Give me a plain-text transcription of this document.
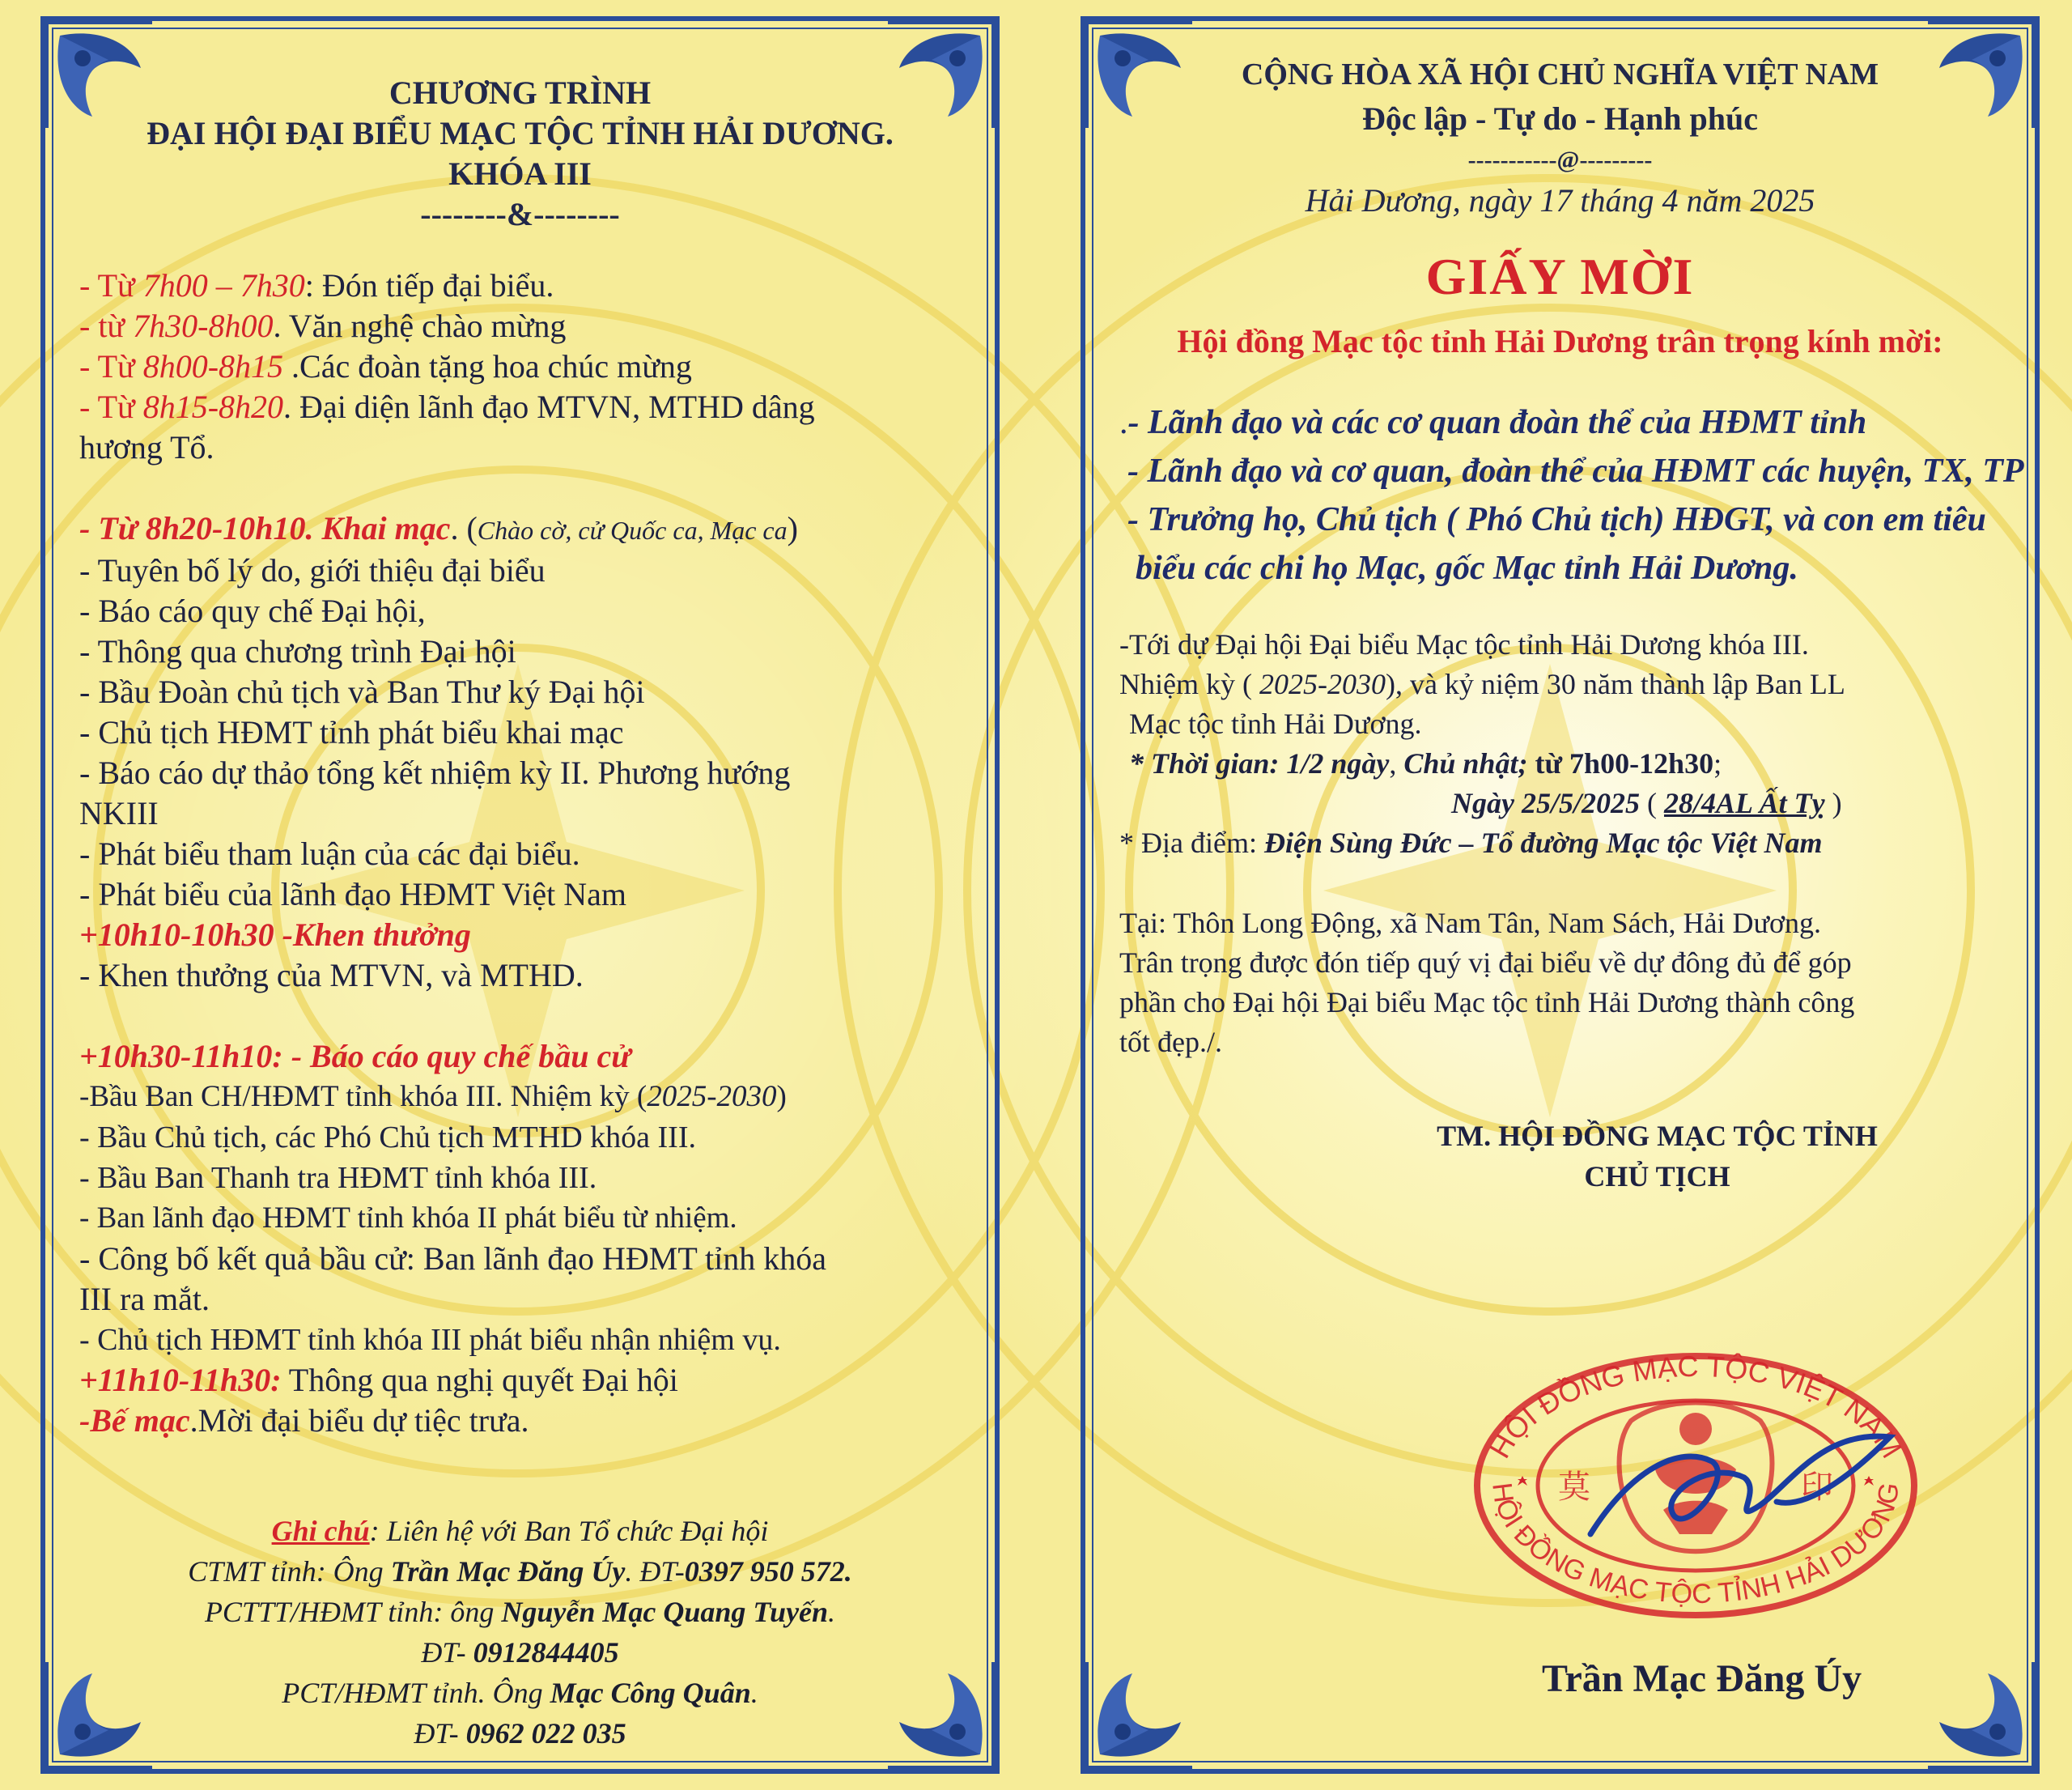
CHƯƠNG TRÌNH
ĐẠI HỘI ĐẠI BIỂU MẠC TỘC TỈNH HẢI DƯƠNG.
KHÓA III
--------&--------
- Từ 7h00 – 7h30: Đón tiếp đại biểu.
- từ 7h30-8h00. Văn nghệ chào mừng
- Từ 8h00-8h15 .Các đoàn tặng hoa chúc mừng
- Từ 8h15-8h20. Đại diện lãnh đạo MTVN, MTHD dâng
hương Tổ.
- Từ 8h20-10h10. Khai mạc. (Chào cờ, cử Quốc ca, Mạc ca)
- Tuyên bố lý do, giới thiệu đại biểu
- Báo cáo quy chế Đại hội,
- Thông qua chương trình Đại hội
- Bầu Đoàn chủ tịch và Ban Thư ký Đại hội
- Chủ tịch HĐMT tỉnh phát biểu khai mạc
- Báo cáo dự thảo tổng kết nhiệm kỳ II. Phương hướng
NKIII
- Phát biểu tham luận của các đại biểu.
- Phát biểu của lãnh đạo HĐMT Việt Nam
+10h10-10h30 -Khen thưởng
- Khen thưởng của MTVN, và MTHD.
+10h30-11h10: - Báo cáo quy chế bầu cử
-Bầu Ban CH/HĐMT tỉnh khóa III. Nhiệm kỳ (2025-2030)
- Bầu Chủ tịch, các Phó Chủ tịch MTHD khóa III.
- Bầu Ban Thanh tra HĐMT tỉnh khóa III.
- Ban lãnh đạo HĐMT tỉnh khóa II phát biểu từ nhiệm.
- Công bố kết quả bầu cử: Ban lãnh đạo HĐMT tỉnh khóa
III ra mắt.
- Chủ tịch HĐMT tỉnh khóa III phát biểu nhận nhiệm vụ.
+11h10-11h30: Thông qua nghị quyết Đại hội
-Bế mạc.Mời đại biểu dự tiệc trưa.
Ghi chú: Liên hệ với Ban Tổ chức Đại hội
CTMT tỉnh: Ông Trần Mạc Đăng Úy. ĐT-0397 950 572.
PCTTT/HĐMT tỉnh: ông Nguyễn Mạc Quang Tuyến.
ĐT- 0912844405
PCT/HĐMT tỉnh. Ông Mạc Công Quân.
ĐT- 0962 022 035
CỘNG HÒA XÃ HỘI CHỦ NGHĨA VIỆT NAM
Độc lập - Tự do - Hạnh phúc
-----------@---------
Hải Dương, ngày 17 tháng 4 năm 2025
GIẤY MỜI
Hội đồng Mạc tộc tỉnh Hải Dương trân trọng kính mời:
.- Lãnh đạo và các cơ quan đoàn thể của HĐMT tỉnh
- Lãnh đạo và cơ quan, đoàn thể của HĐMT các huyện, TX, TP
- Trưởng họ, Chủ tịch ( Phó Chủ tịch) HĐGT, và con em tiêu
biểu các chi họ Mạc, gốc Mạc tỉnh Hải Dương.
-Tới dự Đại hội Đại biểu Mạc tộc tỉnh Hải Dương khóa III.
Nhiệm kỳ ( 2025-2030), và kỷ niệm 30 năm thành lập Ban LL
Mạc tộc tỉnh Hải Dương.
* Thời gian: 1/2 ngày, Chủ nhật; từ 7h00-12h30;
Ngày 25/5/2025 ( 28/4AL Ất Tỵ )
* Địa điểm: Điện Sùng Đức – Tổ đường Mạc tộc Việt Nam
Tại: Thôn Long Động, xã Nam Tân, Nam Sách, Hải Dương.
Trân trọng được đón tiếp quý vị đại biểu về dự đông đủ để góp
phần cho Đại hội Đại biểu Mạc tộc tỉnh Hải Dương thành công
tốt đẹp./.
TM. HỘI ĐỒNG MẠC TỘC TỈNH
CHỦ TỊCH
HỘI ĐỒNG MẠC TỘC VIỆT NAM
HỘI ĐỒNG MẠC TỘC TỈNH HẢI DƯƠNG
莫	印
Trần Mạc Đăng Úy
